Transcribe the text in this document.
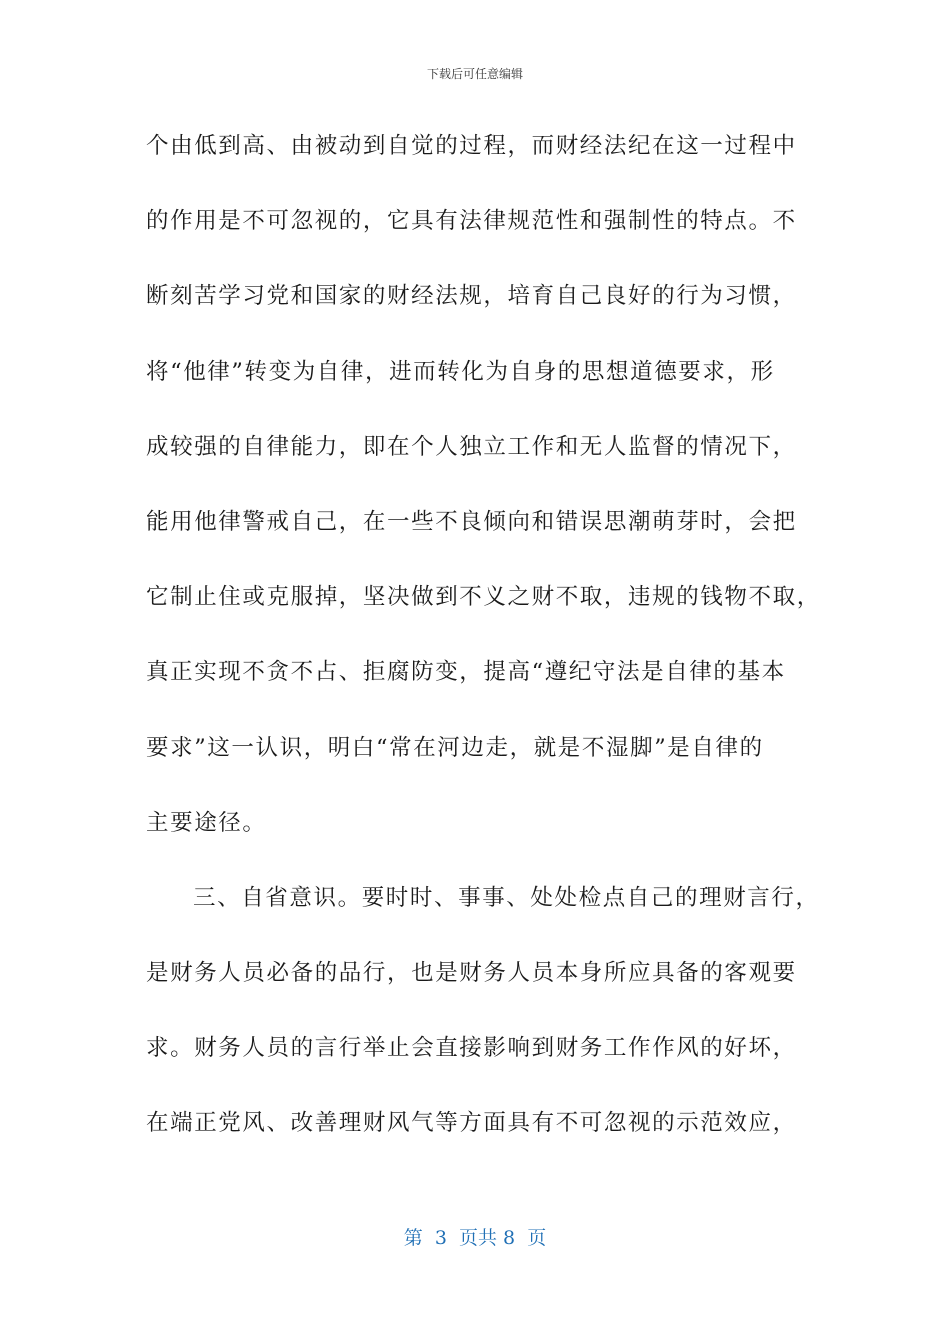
下载后可任意编辑
个由低到高、由被动到自觉的过程，而财经法纪在这一过程中
的作用是不可忽视的，它具有法律规范性和强制性的特点。不
断刻苦学习党和国家的财经法规，培育自己良好的行为习惯，
将“他律”转变为自律，进而转化为自身的思想道德要求，形
成较强的自律能力，即在个人独立工作和无人监督的情况下，
能用他律警戒自己，在一些不良倾向和错误思潮萌芽时，会把
它制止住或克服掉，坚决做到不义之财不取，违规的钱物不取，
真正实现不贪不占、拒腐防变，提高“遵纪守法是自律的基本
要求”这一认识，明白“常在河边走，就是不湿脚”是自律的
主要途径。
三、自省意识。要时时、事事、处处检点自己的理财言行，
是财务人员必备的品行，也是财务人员本身所应具备的客观要
求。财务人员的言行举止会直接影响到财务工作作风的好坏，
在端正党风、改善理财风气等方面具有不可忽视的示范效应，
第  3  页共 8  页
